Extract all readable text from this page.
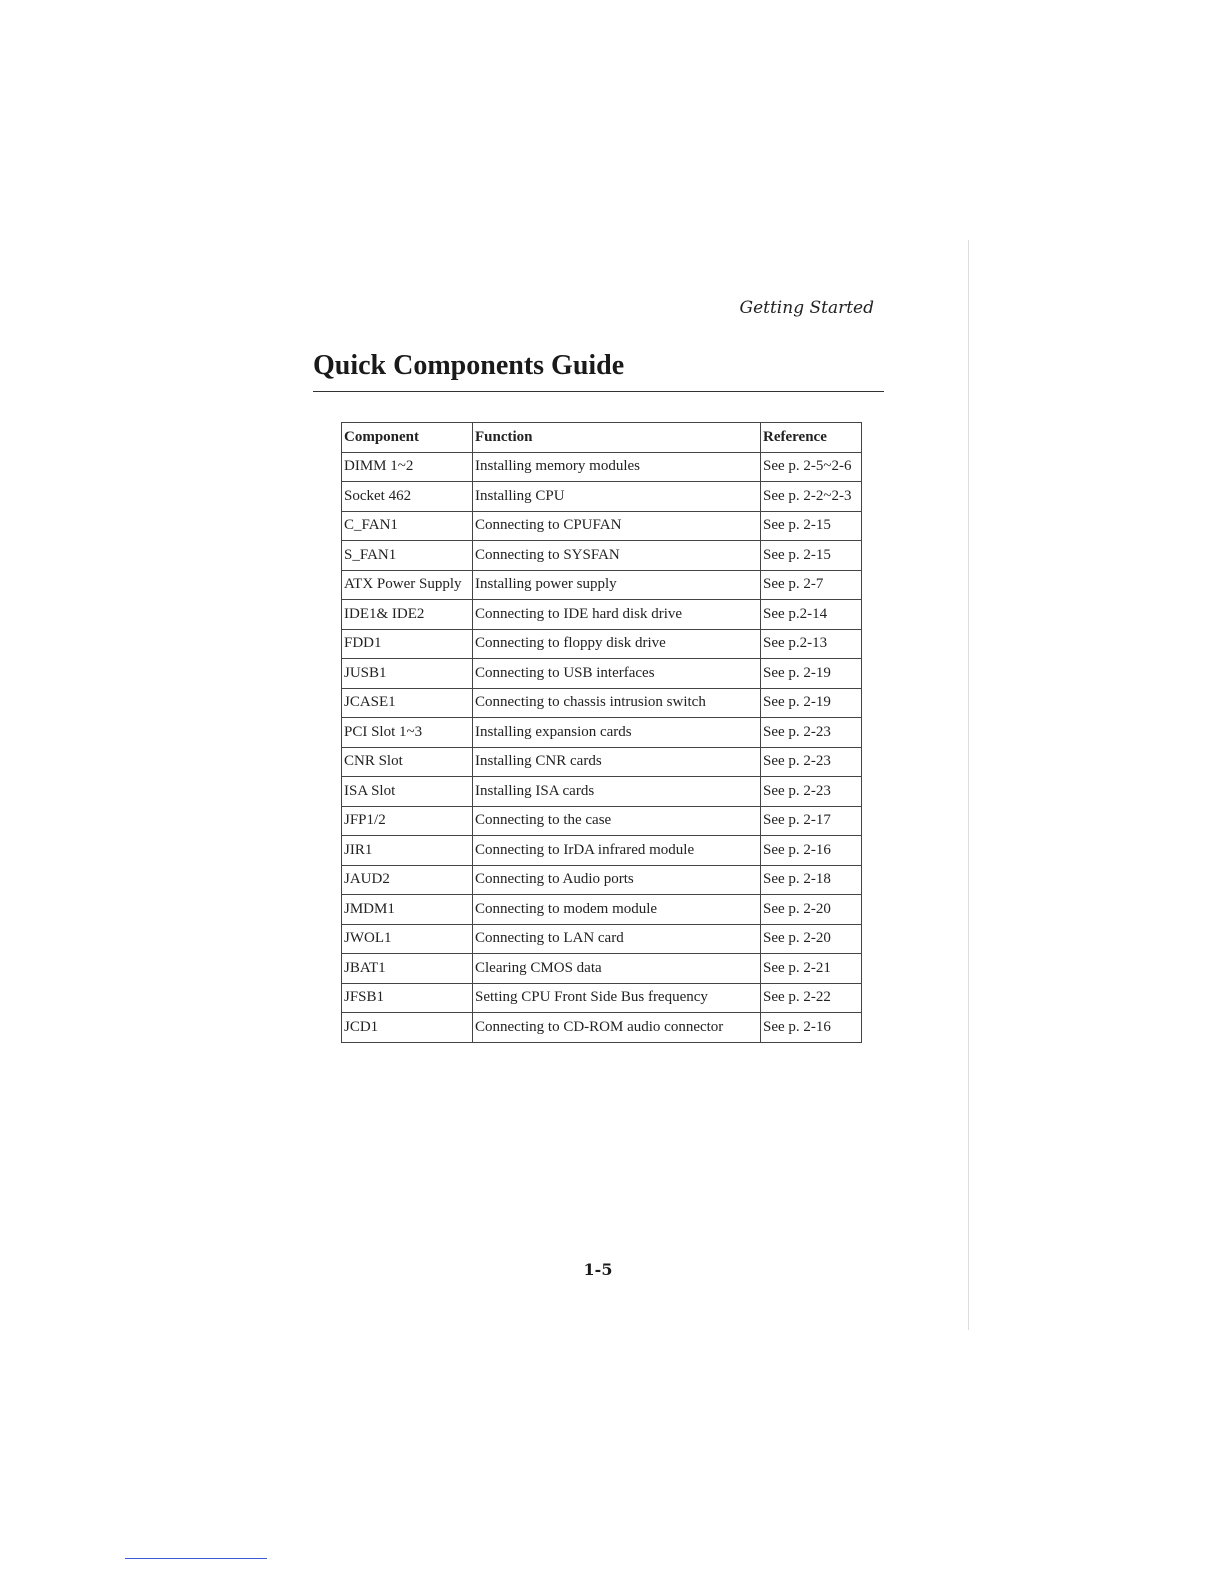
Getting Started
Quick Components Guide
Component	Function	Reference
DIMM 1~2	Installing memory modules	See p. 2-5~2-6
Socket 462	Installing CPU	See p. 2-2~2-3
C_FAN1	Connecting to CPUFAN	See p. 2-15
S_FAN1	Connecting to SYSFAN	See p. 2-15
ATX Power Supply	Installing power supply	See p. 2-7
IDE1& IDE2	Connecting to IDE hard disk drive	See p.2-14
FDD1	Connecting to floppy disk drive	See p.2-13
JUSB1	Connecting to USB interfaces	See p. 2-19
JCASE1	Connecting to chassis intrusion switch	See p. 2-19
PCI Slot 1~3	Installing expansion cards	See p. 2-23
CNR Slot	Installing CNR cards	See p. 2-23
ISA Slot	Installing ISA cards	See p. 2-23
JFP1/2	Connecting to the case	See p. 2-17
JIR1	Connecting to IrDA infrared module	See p. 2-16
JAUD2	Connecting to Audio ports	See p. 2-18
JMDM1	Connecting to modem module	See p. 2-20
JWOL1	Connecting to LAN card	See p. 2-20
JBAT1	Clearing CMOS data	See p. 2-21
JFSB1	Setting CPU Front Side Bus frequency	See p. 2-22
JCD1	Connecting to CD-ROM audio connector	See p. 2-16
1-5
